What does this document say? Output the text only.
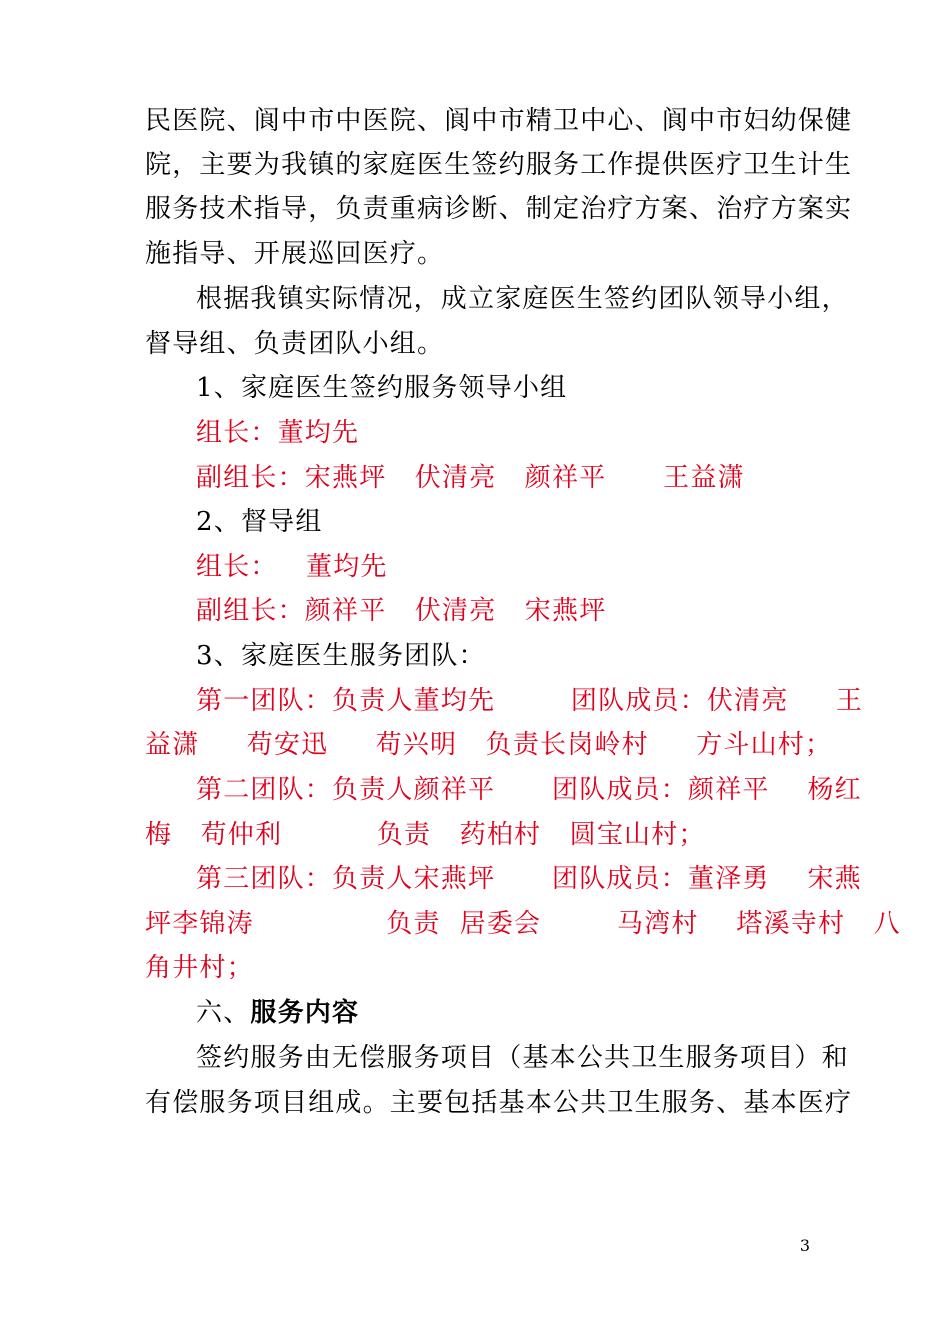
民医院、阆中市中医院、阆中市精卫中心、阆中市妇幼保健
院，主要为我镇的家庭医生签约服务工作提供医疗卫生计生
服务技术指导，负责重病诊断、制定治疗方案、治疗方案实
施指导、开展巡回医疗。
根据我镇实际情况，成立家庭医生签约团队领导小组，
督导组、负责团队小组。
1、家庭医生签约服务领导小组
组长：董均先
副组长：宋燕坪   伏清亮   颜祥平      王益潇
2、督导组
组长：   董均先
副组长：颜祥平   伏清亮   宋燕坪
3、家庭医生服务团队：
第一团队：负责人董均先        团队成员：伏清亮     王
益潇     苟安迅     苟兴明   负责长岗岭村     方斗山村；
第二团队：负责人颜祥平      团队成员：颜祥平    杨红
梅   苟仲利          负责   药柏村   圆宝山村；
第三团队：负责人宋燕坪      团队成员：董泽勇    宋燕
坪李锦涛              负责  居委会        马湾村    塔溪寺村   八
角井村；
六、服务内容
签约服务由无偿服务项目（基本公共卫生服务项目）和
有偿服务项目组成。主要包括基本公共卫生服务、基本医疗
3
